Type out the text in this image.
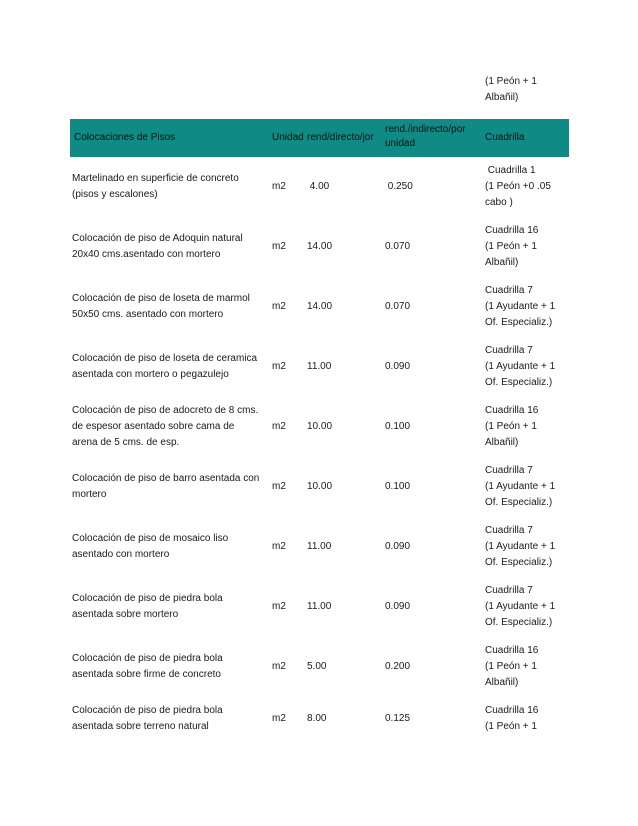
(1 Peón + 1
Albañil)
Colocaciones de Pisos	Unidad rend/directo/jor
rend./indirecto/por
unidad
Cuadrilla
Martelinado en superficie de concreto
(pisos y escalones)
m2 4.00	0.250
Cuadrilla 1
(1 Peón +0 .05
cabo )
Colocación de piso de Adoquin natural
20x40 cms.asentado con mortero
m2 14.00	0.070
Cuadrilla 16
(1 Peón + 1
Albañil)
Colocación de piso de loseta de marmol
50x50 cms. asentado con mortero
m2 14.00	0.070
Cuadrilla 7
(1 Ayudante + 1
Of. Especializ.)
Colocación de piso de loseta de ceramica
asentada con mortero o pegazulejo
m2 11.00	0.090
Cuadrilla 7
(1 Ayudante + 1
Of. Especializ.)
Colocación de piso de adocreto de 8 cms.
de espesor asentado sobre cama de
arena de 5 cms. de esp.
m2 10.00	0.100
Cuadrilla 16
(1 Peón + 1
Albañil)
Colocación de piso de barro asentada con
mortero
m2 10.00	0.100
Cuadrilla 7
(1 Ayudante + 1
Of. Especializ.)
Colocación de piso de mosaico liso
asentado con mortero
m2 11.00	0.090
Cuadrilla 7
(1 Ayudante + 1
Of. Especializ.)
Colocación de piso de piedra bola
asentada sobre mortero
m2 11.00	0.090
Cuadrilla 7
(1 Ayudante + 1
Of. Especializ.)
Colocación de piso de piedra bola
asentada sobre firme de concreto
m2 5.00	0.200
Cuadrilla 16
(1 Peón + 1
Albañil)
Colocación de piso de piedra bola
asentada sobre terreno natural
m2 8.00	0.125
Cuadrilla 16
(1 Peón + 1
